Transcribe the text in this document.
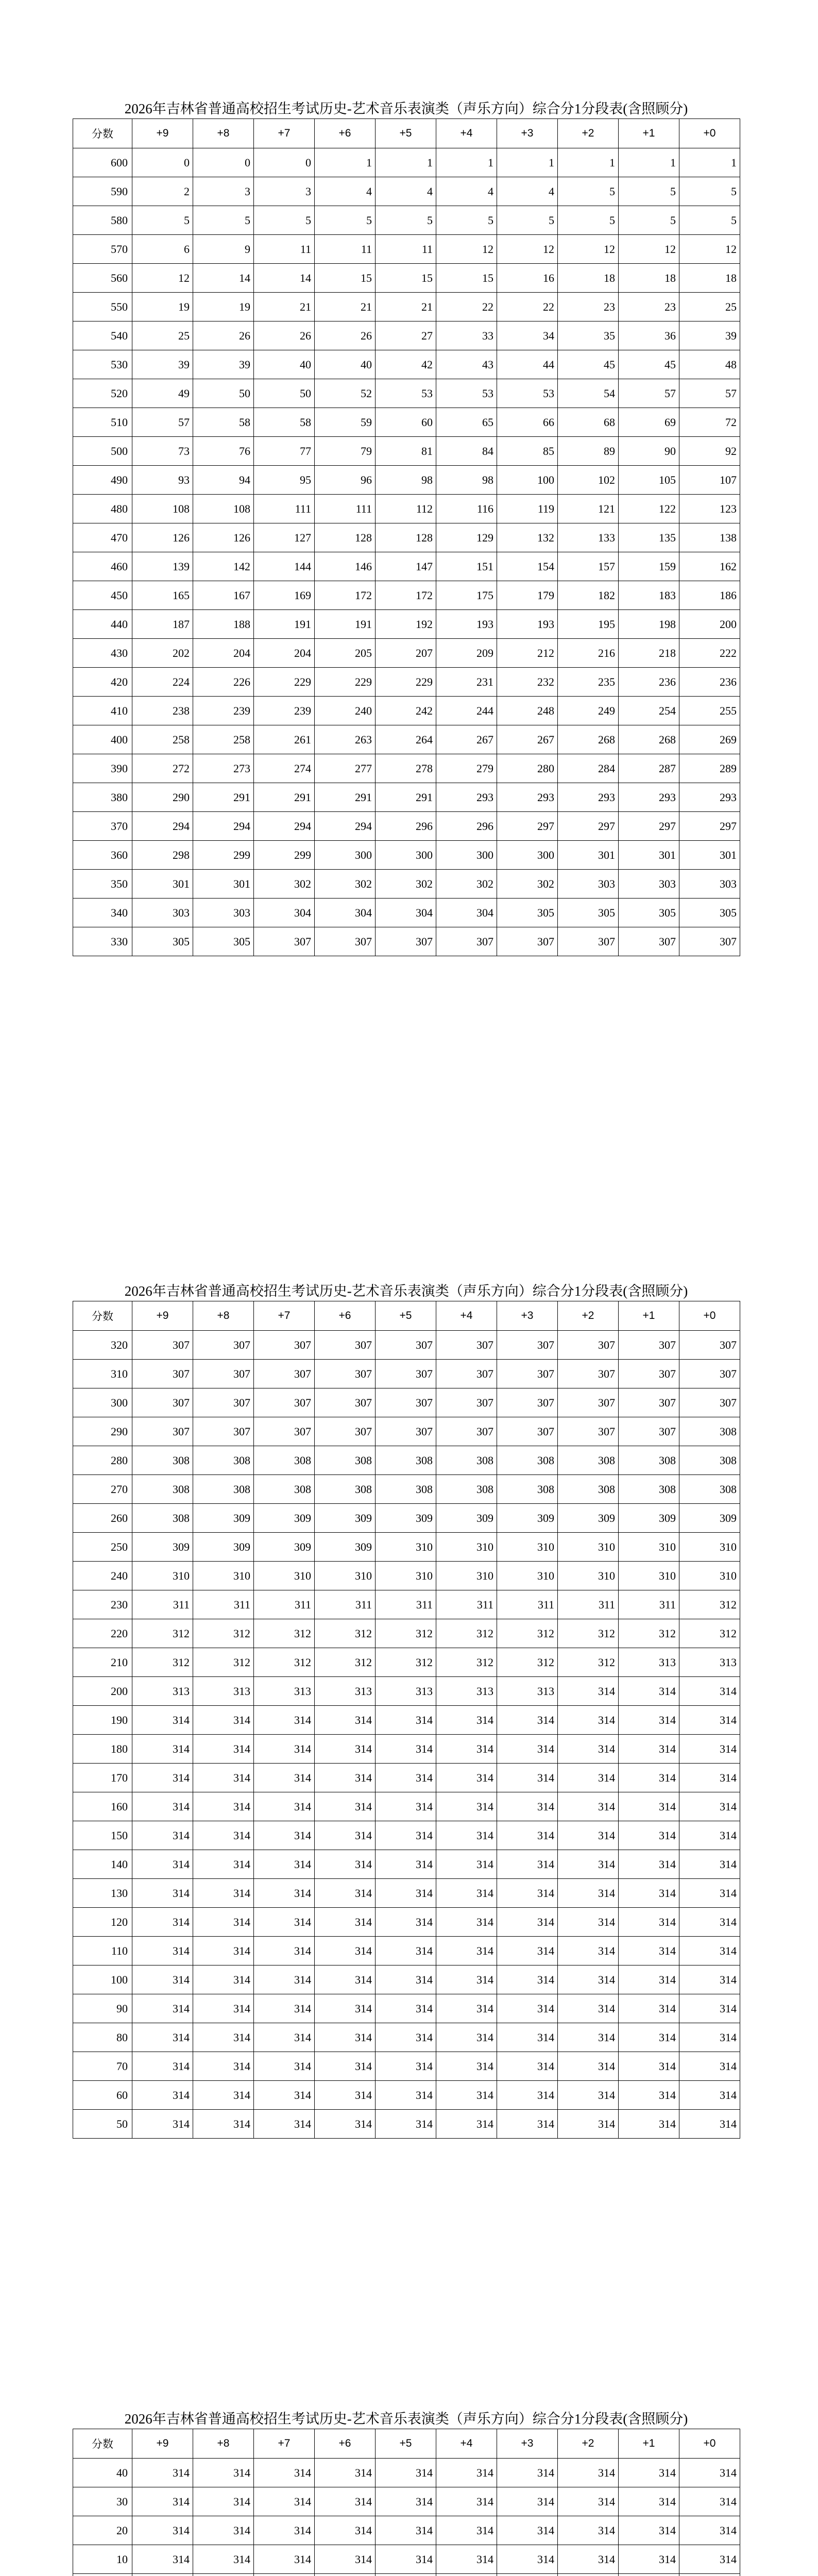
2026年吉林省普通高校招生考试历史-艺术音乐表演类（声乐方向）综合分1分段表(含照顾分)
分数	+9	+8	+7	+6	+5	+4	+3	+2	+1	+0
600	0	0	0	1	1	1	1	1	1	1
590	2	3	3	4	4	4	4	5	5	5
580	5	5	5	5	5	5	5	5	5	5
570	6	9	11	11	11	12	12	12	12	12
560	12	14	14	15	15	15	16	18	18	18
550	19	19	21	21	21	22	22	23	23	25
540	25	26	26	26	27	33	34	35	36	39
530	39	39	40	40	42	43	44	45	45	48
520	49	50	50	52	53	53	53	54	57	57
510	57	58	58	59	60	65	66	68	69	72
500	73	76	77	79	81	84	85	89	90	92
490	93	94	95	96	98	98	100	102	105	107
480	108	108	111	111	112	116	119	121	122	123
470	126	126	127	128	128	129	132	133	135	138
460	139	142	144	146	147	151	154	157	159	162
450	165	167	169	172	172	175	179	182	183	186
440	187	188	191	191	192	193	193	195	198	200
430	202	204	204	205	207	209	212	216	218	222
420	224	226	229	229	229	231	232	235	236	236
410	238	239	239	240	242	244	248	249	254	255
400	258	258	261	263	264	267	267	268	268	269
390	272	273	274	277	278	279	280	284	287	289
380	290	291	291	291	291	293	293	293	293	293
370	294	294	294	294	296	296	297	297	297	297
360	298	299	299	300	300	300	300	301	301	301
350	301	301	302	302	302	302	302	303	303	303
340	303	303	304	304	304	304	305	305	305	305
330	305	305	307	307	307	307	307	307	307	307
2026年吉林省普通高校招生考试历史-艺术音乐表演类（声乐方向）综合分1分段表(含照顾分)
分数	+9	+8	+7	+6	+5	+4	+3	+2	+1	+0
320	307	307	307	307	307	307	307	307	307	307
310	307	307	307	307	307	307	307	307	307	307
300	307	307	307	307	307	307	307	307	307	307
290	307	307	307	307	307	307	307	307	307	308
280	308	308	308	308	308	308	308	308	308	308
270	308	308	308	308	308	308	308	308	308	308
260	308	309	309	309	309	309	309	309	309	309
250	309	309	309	309	310	310	310	310	310	310
240	310	310	310	310	310	310	310	310	310	310
230	311	311	311	311	311	311	311	311	311	312
220	312	312	312	312	312	312	312	312	312	312
210	312	312	312	312	312	312	312	312	313	313
200	313	313	313	313	313	313	313	314	314	314
190	314	314	314	314	314	314	314	314	314	314
180	314	314	314	314	314	314	314	314	314	314
170	314	314	314	314	314	314	314	314	314	314
160	314	314	314	314	314	314	314	314	314	314
150	314	314	314	314	314	314	314	314	314	314
140	314	314	314	314	314	314	314	314	314	314
130	314	314	314	314	314	314	314	314	314	314
120	314	314	314	314	314	314	314	314	314	314
110	314	314	314	314	314	314	314	314	314	314
100	314	314	314	314	314	314	314	314	314	314
90	314	314	314	314	314	314	314	314	314	314
80	314	314	314	314	314	314	314	314	314	314
70	314	314	314	314	314	314	314	314	314	314
60	314	314	314	314	314	314	314	314	314	314
50	314	314	314	314	314	314	314	314	314	314
2026年吉林省普通高校招生考试历史-艺术音乐表演类（声乐方向）综合分1分段表(含照顾分)
分数	+9	+8	+7	+6	+5	+4	+3	+2	+1	+0
40	314	314	314	314	314	314	314	314	314	314
30	314	314	314	314	314	314	314	314	314	314
20	314	314	314	314	314	314	314	314	314	314
10	314	314	314	314	314	314	314	314	314	314
